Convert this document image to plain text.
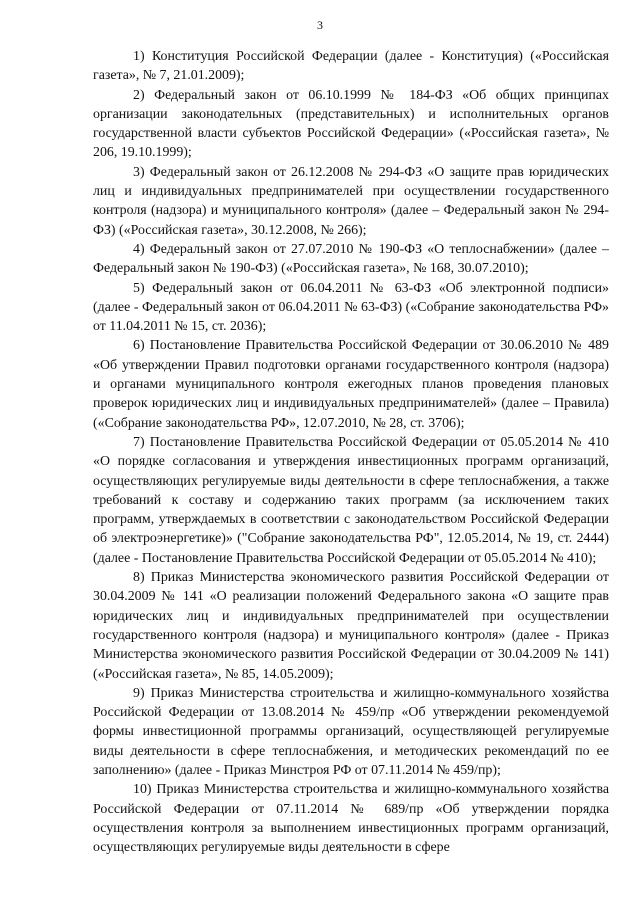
3

1) Конституция Российской Федерации (далее - Конституция) («Российская газета», № 7, 21.01.2009);

2) Федеральный закон от 06.10.1999 № 184-ФЗ «Об общих принципах организации законодательных (представительных) и исполнительных органов государственной власти субъектов Российской Федерации» («Российская газета», № 206, 19.10.1999);

3) Федеральный закон от 26.12.2008 № 294-ФЗ «О защите прав юридических лиц и индивидуальных предпринимателей при осуществлении государственного контроля (надзора) и муниципального контроля» (далее – Федеральный закон № 294-ФЗ) («Российская газета», 30.12.2008, № 266);

4) Федеральный закон от 27.07.2010 № 190-ФЗ «О теплоснабжении» (далее – Федеральный закон № 190-ФЗ) («Российская газета», № 168, 30.07.2010);

5) Федеральный закон от 06.04.2011 № 63-ФЗ «Об электронной подписи» (далее - Федеральный закон от 06.04.2011 № 63-ФЗ) («Собрание законодательства РФ» от 11.04.2011 № 15, ст. 2036);

6) Постановление Правительства Российской Федерации от 30.06.2010 № 489 «Об утверждении Правил подготовки органами государственного контроля (надзора) и органами муниципального контроля ежегодных планов проведения плановых проверок юридических лиц и индивидуальных предпринимателей» (далее – Правила) («Собрание законодательства РФ», 12.07.2010, № 28, ст. 3706);

7) Постановление Правительства Российской Федерации от 05.05.2014 № 410 «О порядке согласования и утверждения инвестиционных программ организаций, осуществляющих регулируемые виды деятельности в сфере теплоснабжения, а также требований к составу и содержанию таких программ (за исключением таких программ, утверждаемых в соответствии с законодательством Российской Федерации об электроэнергетике)» ("Собрание законодательства РФ", 12.05.2014, № 19, ст. 2444) (далее - Постановление Правительства Российской Федерации от 05.05.2014 № 410);

8) Приказ Министерства экономического развития Российской Федерации от 30.04.2009 № 141 «О реализации положений Федерального закона «О защите прав юридических лиц и индивидуальных предпринимателей при осуществлении государственного контроля (надзора) и муниципального контроля» (далее - Приказ Министерства экономического развития Российской Федерации от 30.04.2009 № 141) («Российская газета», № 85, 14.05.2009);

9) Приказ Министерства строительства и жилищно-коммунального хозяйства Российской Федерации от 13.08.2014 № 459/пр «Об утверждении рекомендуемой формы инвестиционной программы организаций, осуществляющей регулируемые виды деятельности в сфере теплоснабжения, и методических рекомендаций по ее заполнению» (далее - Приказ Минстроя РФ от 07.11.2014 № 459/пр);

10) Приказ Министерства строительства и жилищно-коммунального хозяйства Российской Федерации от 07.11.2014 № 689/пр «Об утверждении порядка осуществления контроля за выполнением инвестиционных программ организаций, осуществляющих регулируемые виды деятельности в сфере
